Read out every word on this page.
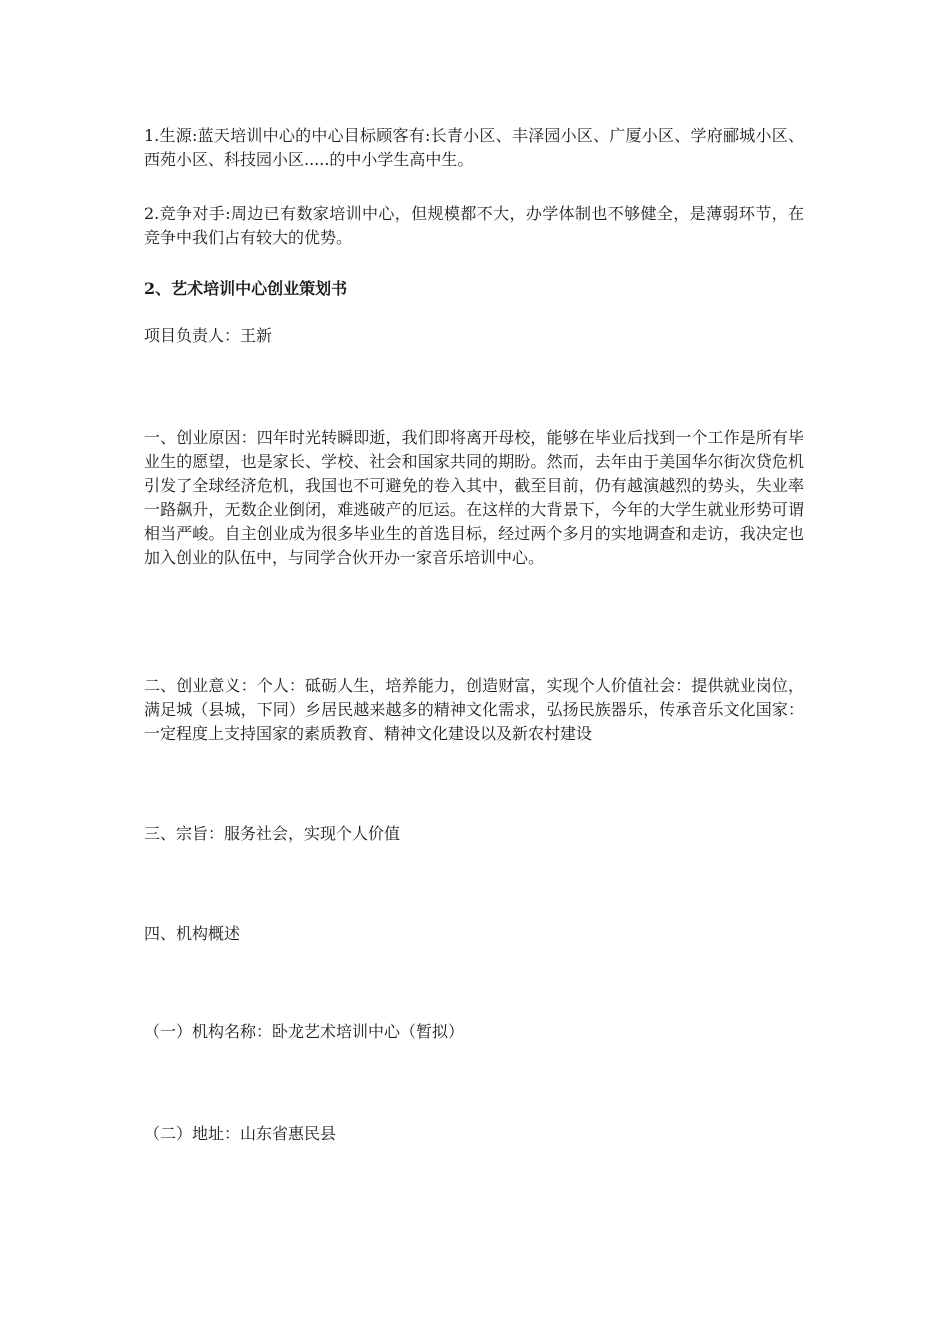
1.生源:蓝天培训中心的中心目标顾客有:长青小区、丰泽园小区、广厦小区、学府郦城小区、西苑小区、科技园小区.....的中小学生高中生。

2.竞争对手:周边已有数家培训中心，但规模都不大，办学体制也不够健全，是薄弱环节，在竞争中我们占有较大的优势。

2、艺术培训中心创业策划书

项目负责人：王新

一、创业原因：四年时光转瞬即逝，我们即将离开母校，能够在毕业后找到一个工作是所有毕业生的愿望，也是家长、学校、社会和国家共同的期盼。然而，去年由于美国华尔街次贷危机引发了全球经济危机，我国也不可避免的卷入其中，截至目前，仍有越演越烈的势头，失业率一路飙升，无数企业倒闭，难逃破产的厄运。在这样的大背景下，今年的大学生就业形势可谓相当严峻。自主创业成为很多毕业生的首选目标，经过两个多月的实地调查和走访，我决定也加入创业的队伍中，与同学合伙开办一家音乐培训中心。

二、创业意义：个人：砥砺人生，培养能力，创造财富，实现个人价值社会：提供就业岗位，满足城（县城，下同）乡居民越来越多的精神文化需求，弘扬民族器乐，传承音乐文化国家：一定程度上支持国家的素质教育、精神文化建设以及新农村建设

三、宗旨：服务社会，实现个人价值

四、机构概述

（一）机构名称：卧龙艺术培训中心（暂拟）

（二）地址：山东省惠民县
